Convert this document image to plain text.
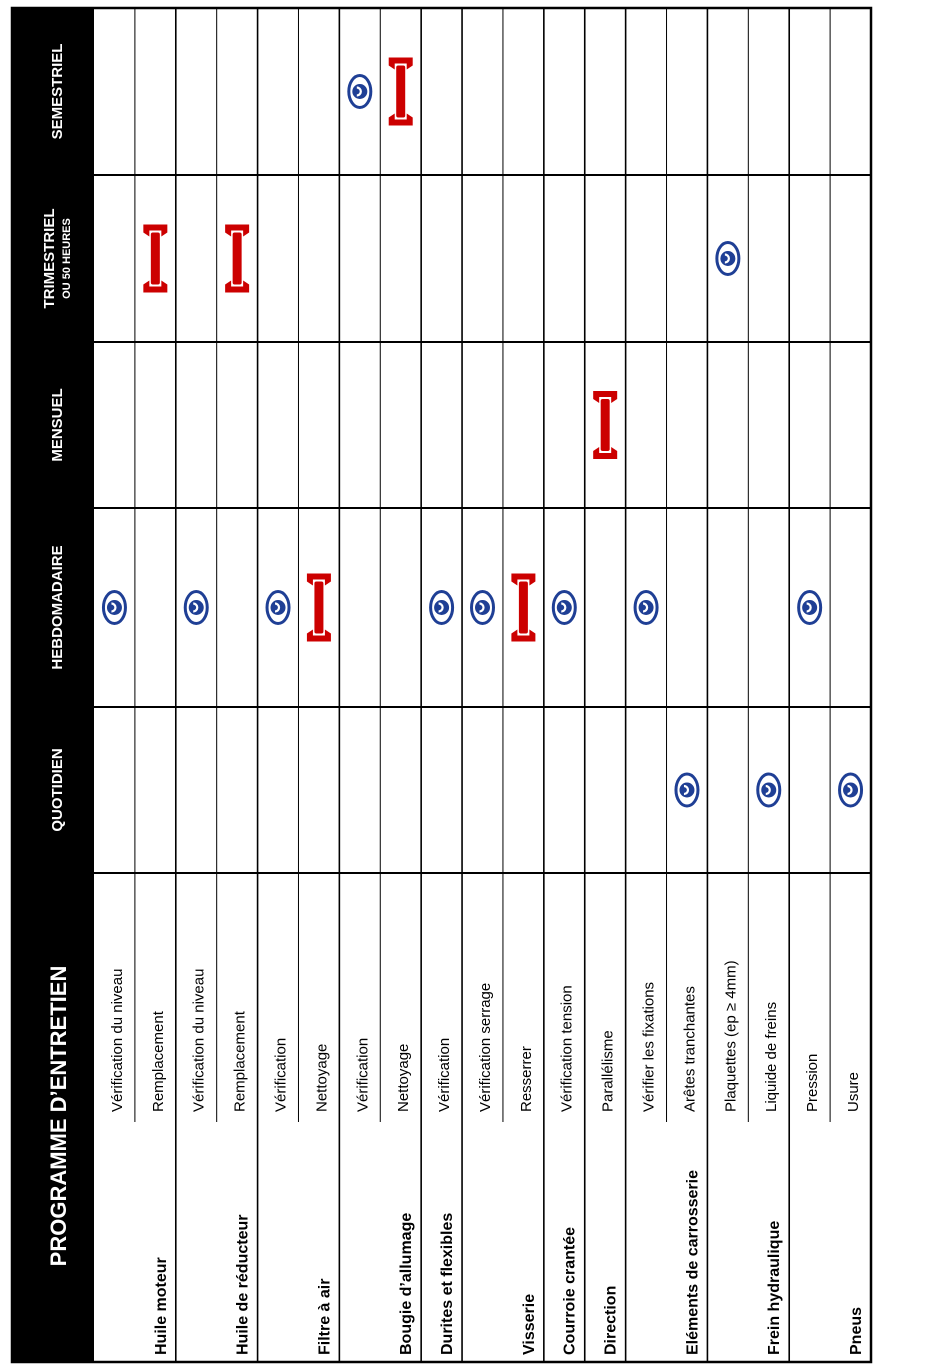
PROGRAMME D’ENTRETIEN
QUOTIDIEN
HEBDOMADAIRE
MENSUEL
TRIMESTRIEL OU 50 HEURES
SEMESTRIEL
Huile moteur
Vérification du niveau Remplacement
Huile de réducteur
Vérification du niveau Remplacement
Filtre à air
Vérification Nettoyage
Bougie d’allumage
Vérification Nettoyage
Durites et flexibles
Vérification
Visserie
Vérification serrage Resserrer
Courroie crantée
Vérification tension
Direction
Parallélisme
Eléments de carrosserie
Vérifier les fixations Arêtes tranchantes
Frein hydraulique
Plaquettes (ep ≥ 4mm) Liquide de freins
Pneus
Pression Usure
